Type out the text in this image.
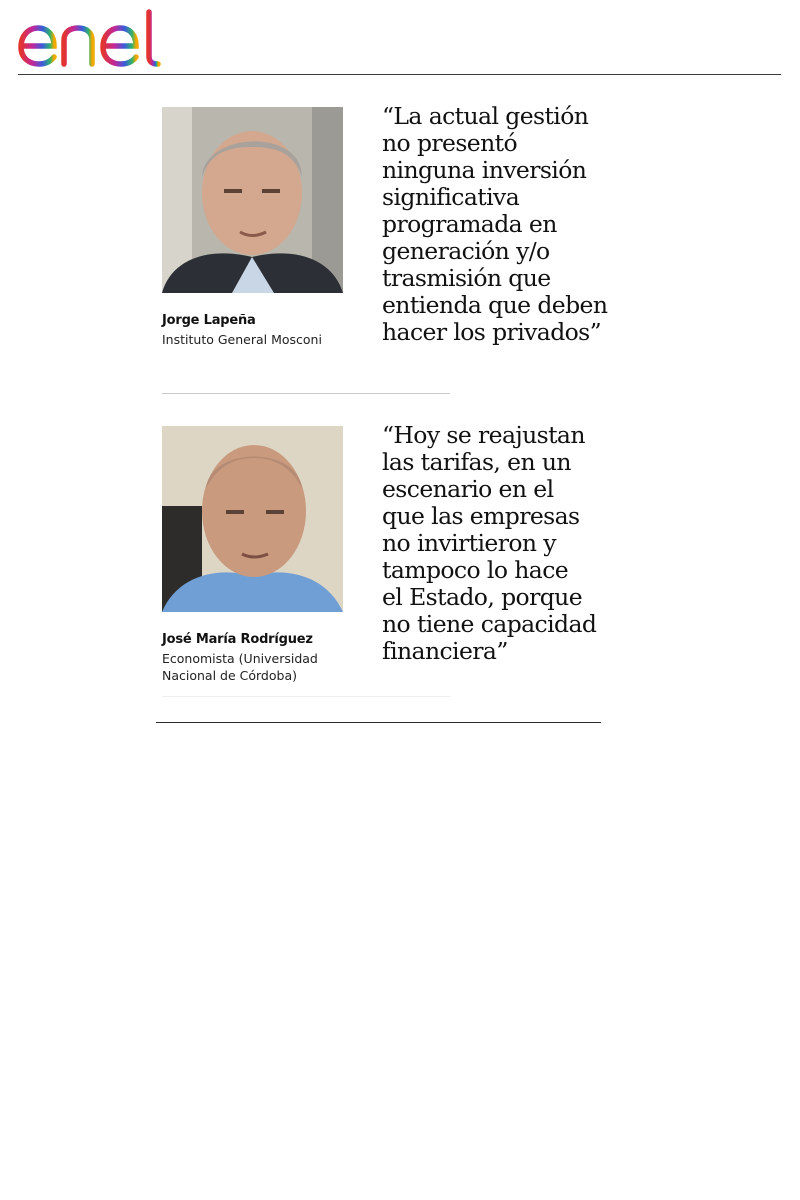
Jorge Lapeña
Instituto General Mosconi
“La actual gestión
no presentó
ninguna inversión
significativa
programada en
generación y/o
trasmisión que
entienda que deben
hacer los privados”
José María Rodríguez
Economista (Universidad
Nacional de Córdoba)
“Hoy se reajustan
las tarifas, en un
escenario en el
que las empresas
no invirtieron y
tampoco lo hace
el Estado, porque
no tiene capacidad
financiera”
